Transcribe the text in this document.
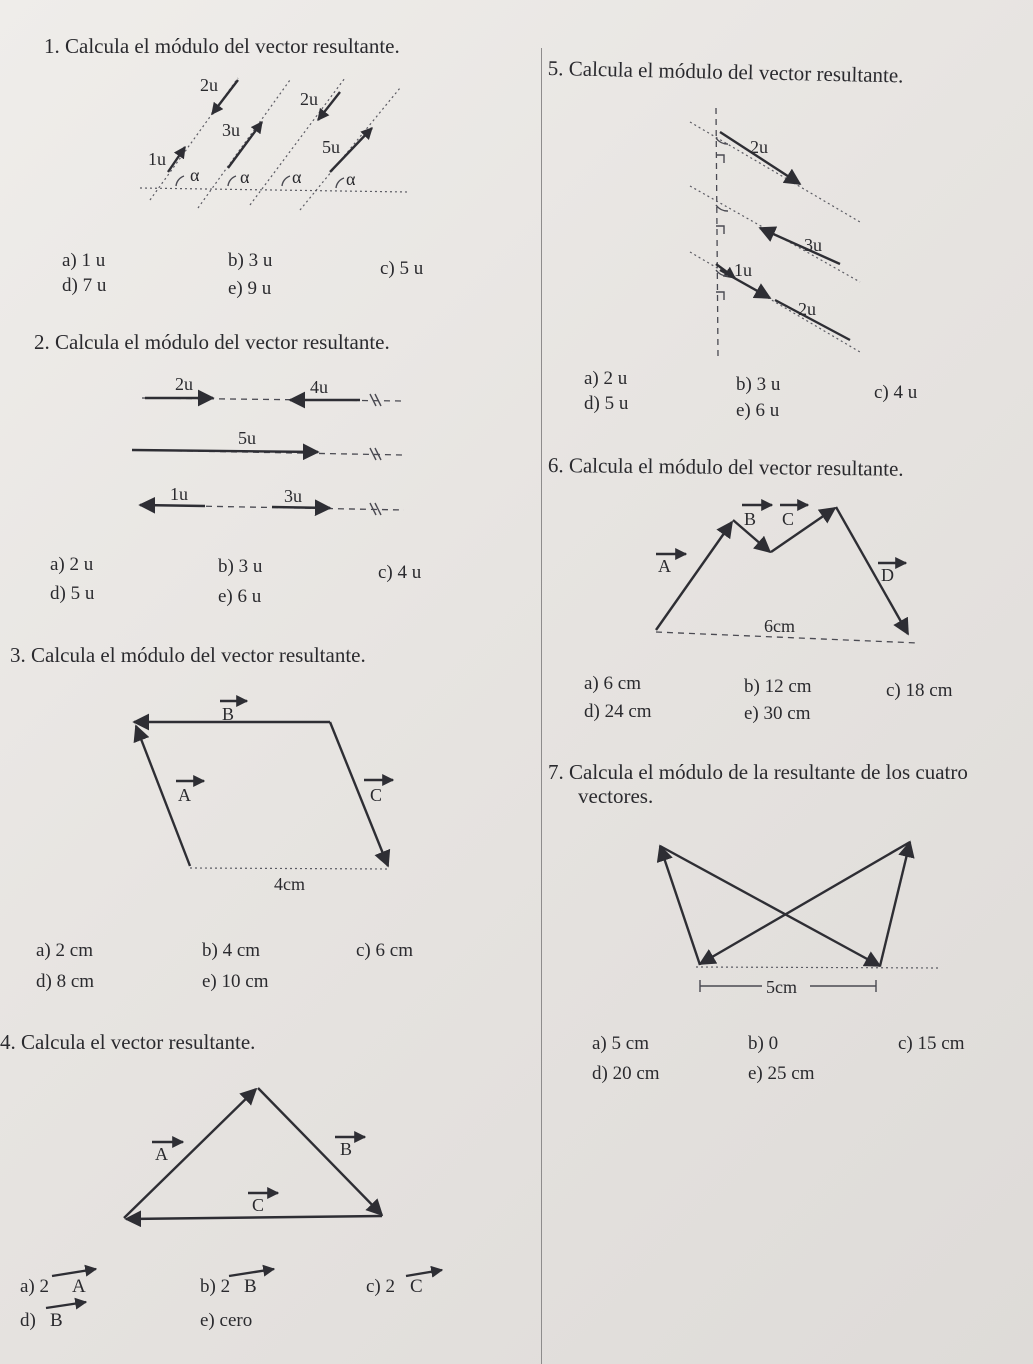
1. Calcula el módulo del vector resultante.
2u
2u
3u
5u
1u
α α α α
a) 1 u	b) 3 u	c) 5 u
d) 7 u	e) 9 u
2. Calcula el módulo del vector resultante.
2u	4u
5u
1u	3u
a) 2 u	b) 3 u	c) 4 u
d) 5 u	e) 6 u
3. Calcula el módulo del vector resultante.
B
A	C
4cm
a) 2 cm	b) 4 cm	c) 6 cm
d) 8 cm	e) 10 cm
4. Calcula el vector resultante.
A	B
C
a) 2 A	b) 2 B	c) 2 C
d) B	e) cero
5. Calcula el módulo del vector resultante.
2u
3u
1u
2u
a) 2 u	b) 3 u	c) 4 u
d) 5 u	e) 6 u
6. Calcula el módulo del vector resultante.
B C
A	D
6cm
a) 6 cm	b) 12 cm	c) 18 cm
d) 24 cm	e) 30 cm
7. Calcula el módulo de la resultante de los cuatro
vectores.
5cm
a) 5 cm	b) 0	c) 15 cm
d) 20 cm	e) 25 cm
